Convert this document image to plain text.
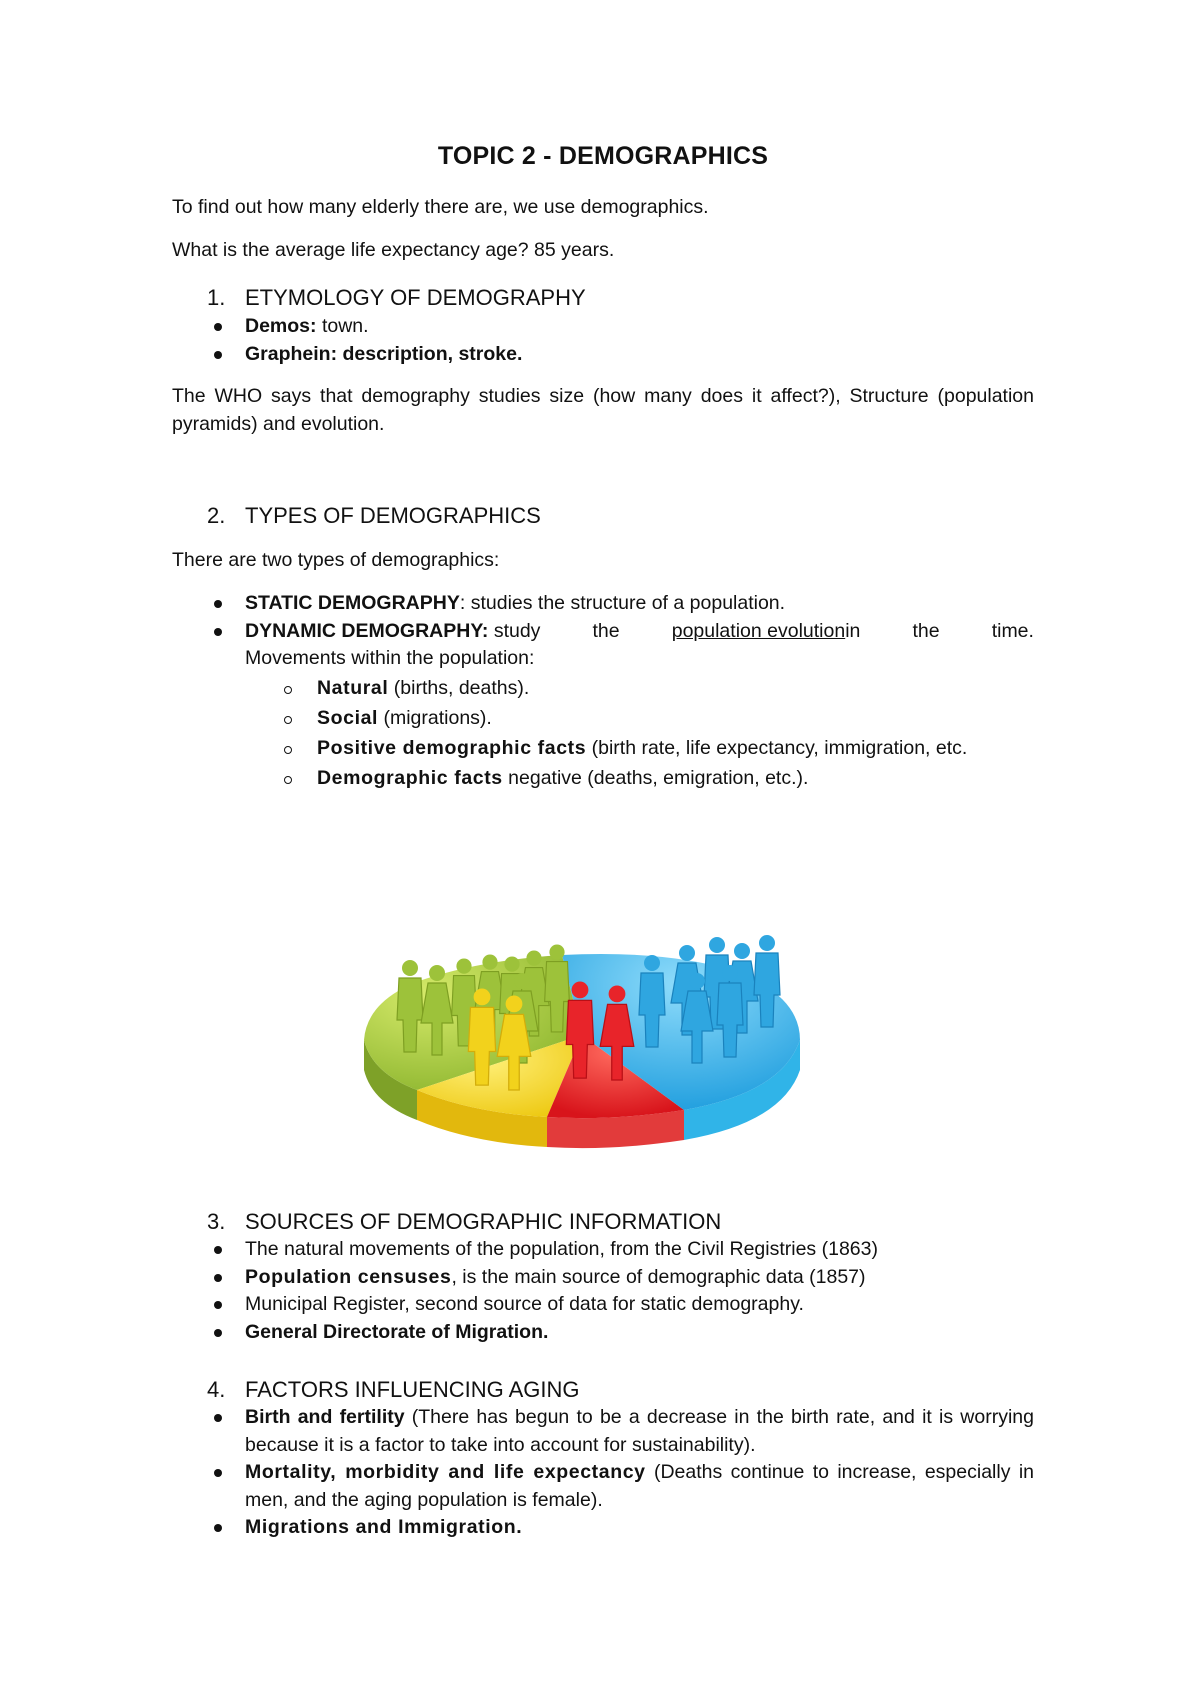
TOPIC 2 - DEMOGRAPHICS

To find out how many elderly there are, we use demographics.

What is the average life expectancy age? 85 years.

1. ETYMOLOGY OF DEMOGRAPHY
Demos: town.
Graphein: description, stroke.

The WHO says that demography studies size (how many does it affect?), Structure (population pyramids) and evolution.

2. TYPES OF DEMOGRAPHICS

There are two types of demographics:

STATIC DEMOGRAPHY: studies the structure of a population.
DYNAMIC DEMOGRAPHY: study	the	population evolutionin	the	time.
Movements within the population:
Natural (births, deaths).
Social (migrations).
Positive demographic facts (birth rate, life expectancy, immigration, etc.
Demographic facts negative (deaths, emigration, etc.).
3. SOURCES OF DEMOGRAPHIC INFORMATION
The natural movements of the population, from the Civil Registries (1863)
Population censuses, is the main source of demographic data (1857)
Municipal Register, second source of data for static demography.
General Directorate of Migration.
4. FACTORS INFLUENCING AGING
Birth and fertility (There has begun to be a decrease in the birth rate, and it is worrying because it is a factor to take into account for sustainability).
Mortality, morbidity and life expectancy (Deaths continue to increase, especially in men, and the aging population is female).
Migrations and Immigration.
